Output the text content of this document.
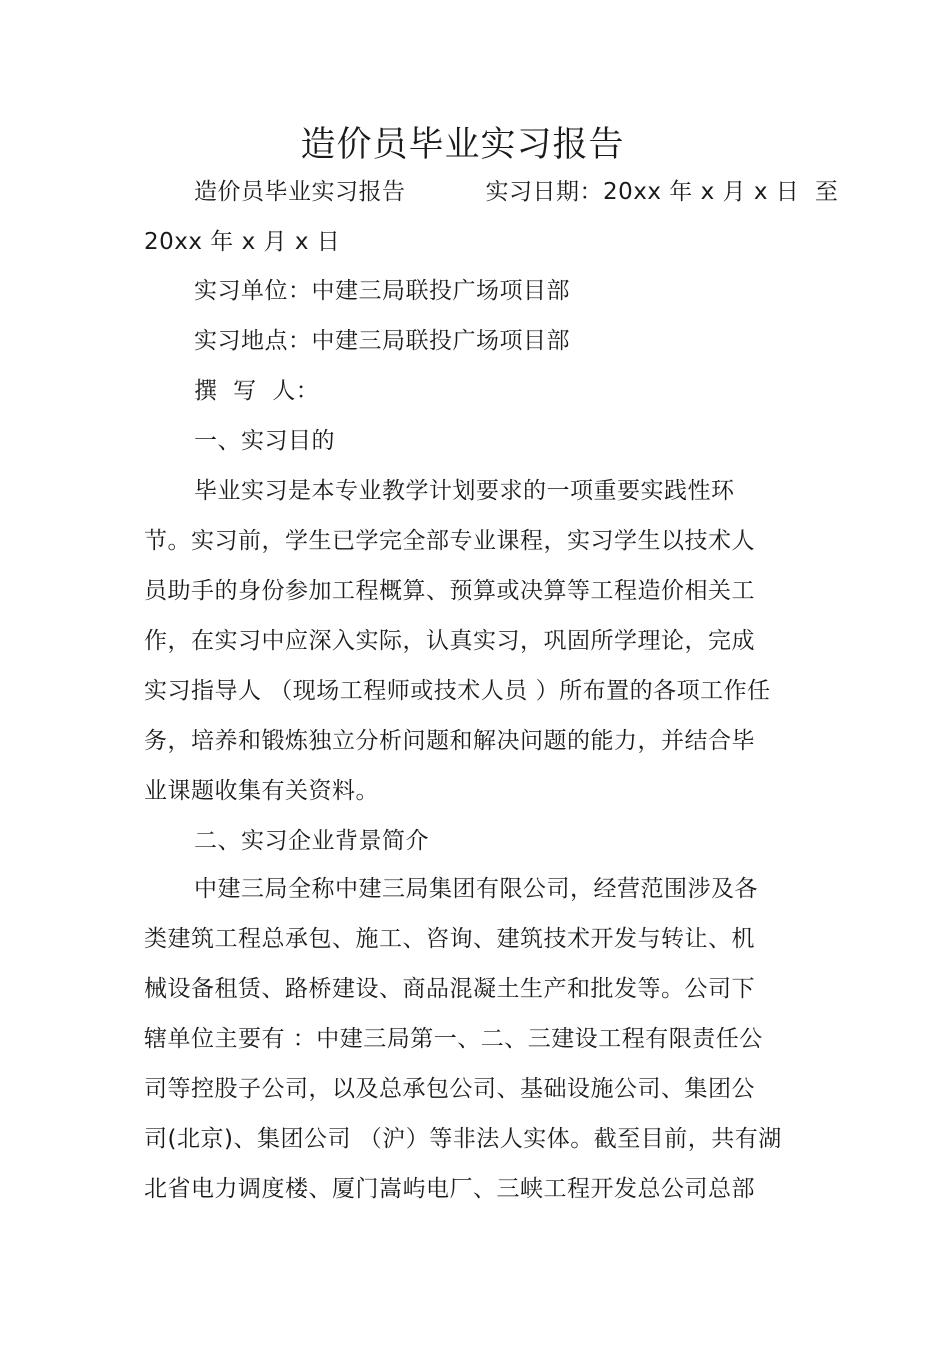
造价员毕业实习报告
造价员毕业实习报告	实习日期：20xx 年 x 月 x 日  至
20xx 年 x 月 x 日
实习单位：中建三局联投广场项目部
实习地点：中建三局联投广场项目部
撰  写  人：
一、实习目的
毕业实习是本专业教学计划要求的一项重要实践性环
节。实习前，学生已学完全部专业课程，实习学生以技术人
员助手的身份参加工程概算、预算或决算等工程造价相关工
作，在实习中应深入实际，认真实习，巩固所学理论，完成
实习指导人 （现场工程师或技术人员 ）所布置的各项工作任
务，培养和锻炼独立分析问题和解决问题的能力，并结合毕
业课题收集有关资料。
二、实习企业背景简介
中建三局全称中建三局集团有限公司，经营范围涉及各
类建筑工程总承包、施工、咨询、建筑技术开发与转让、机
械设备租赁、路桥建设、商品混凝土生产和批发等。公司下
辖单位主要有 ：中建三局第一、二、三建设工程有限责任公
司等控股子公司，以及总承包公司、基础设施公司、集团公
司(北京)、集团公司 （沪）等非法人实体。截至目前，共有湖
北省电力调度楼、厦门嵩屿电厂、三峡工程开发总公司总部
